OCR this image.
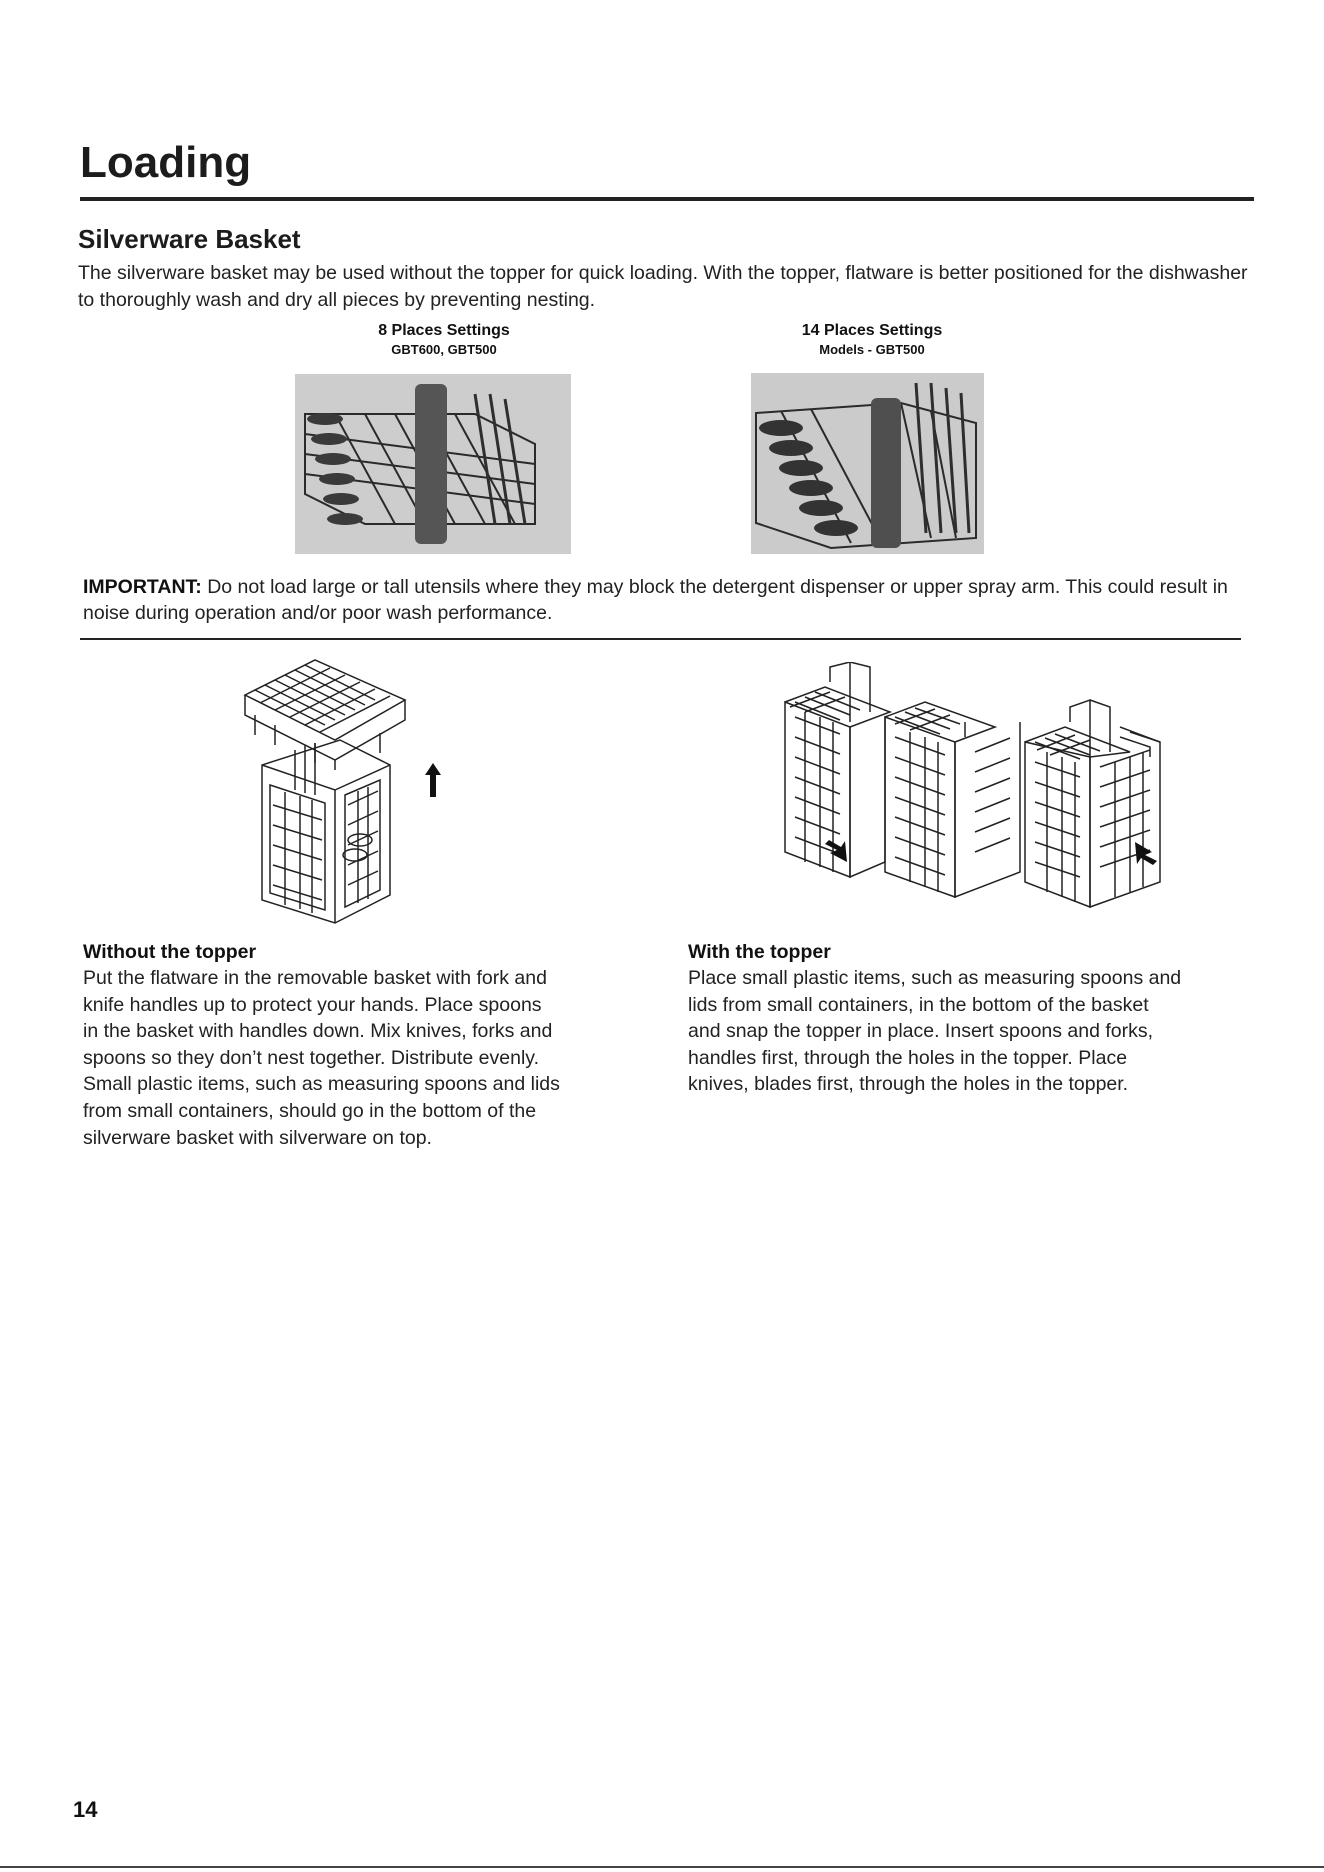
Loading
Silverware Basket
The silverware basket may be used without the topper for quick loading. With the topper, flatware is better positioned for the dishwasher to thoroughly wash and dry all pieces by preventing nesting.
8 Places Settings
GBT600, GBT500
14 Places Settings
Models - GBT500
IMPORTANT: Do not load large or tall utensils where they may block the detergent dispenser or upper spray arm. This could result in noise during operation and/or poor wash performance.
Without the topper
Put the flatware in the removable basket with fork and
knife handles up to protect your hands. Place spoons
in the basket with handles down. Mix knives, forks and
spoons so they don’t nest together. Distribute evenly.
Small plastic items, such as measuring spoons and lids
from small containers, should go in the bottom of the
silverware basket with silverware on top.
With the topper
Place small plastic items, such as measuring spoons and
lids from small containers, in the bottom of the basket
and snap the topper in place. Insert spoons and forks,
handles first, through the holes in the topper. Place
knives, blades first, through the holes in the topper.
14
